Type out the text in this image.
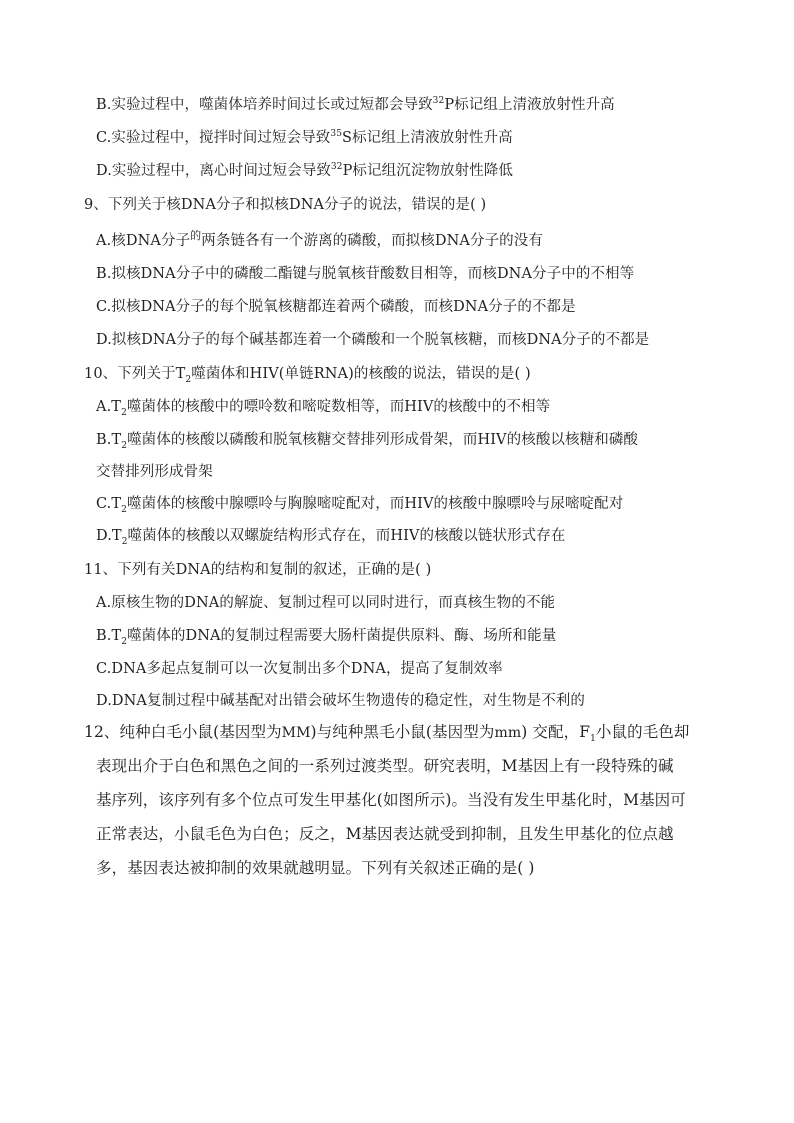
B.实验过程中，噬菌体培养时间过长或过短都会导致$^{32}$P标记组上清液放射性升高
C.实验过程中，搅拌时间过短会导致$^{35}$S标记组上清液放射性升高
D.实验过程中，离心时间过短会导致$^{32}$P标记组沉淀物放射性降低
9、下列关于核DNA分子和拟核DNA分子的说法，错误的是( )
A.核DNA分子$^的$两条链各有一个游离的磷酸，而拟核DNA分子的没有
B.拟核DNA分子中的磷酸二酯键与脱氧核苷酸数目相等，而核DNA分子中的不相等
C.拟核DNA分子的每个脱氧核糖都连着两个磷酸，而核DNA分子的不都是
D.拟核DNA分子的每个碱基都连着一个磷酸和一个脱氧核糖，而核DNA分子的不都是
10、下列关于$T_2$噬菌体和HIV(单链RNA)的核酸的说法，错误的是( )
$A.T_2$噬菌体的核酸中的嘌呤数和嘧啶数相等，而HIV的核酸中的不相等
$B.T_2$噬菌体的核酸以磷酸和脱氧核糖交替排列形成骨架，而HIV的核酸以核糖和磷酸
交替排列形成骨架
$C.T_2$噬菌体的核酸中腺嘌呤与胸腺嘧啶配对，而HIV的核酸中腺嘌呤与尿嘧啶配对
$D.T_2$噬菌体的核酸以双螺旋结构形式存在，而HIV的核酸以链状形式存在
11、下列有关DNA的结构和复制的叙述，正确的是( )
A.原核生物的DNA的解旋、复制过程可以同时进行，而真核生物的不能
$B.T_2$噬菌体的DNA的复制过程需要大肠杆菌提供原料、酶、场所和能量
C.DNA多起点复制可以一次复制出多个DNA，提高了复制效率
D.DNA复制过程中碱基配对出错会破坏生物遗传的稳定性，对生物是不利的
12、纯种白毛小鼠(基因型为MM)与纯种黑毛小鼠(基因型为mm) 交配，$F_1$小鼠的毛色却
表现出介于白色和黑色之间的一系列过渡类型。研究表明，M基因上有一段特殊的碱
基序列，该序列有多个位点可发生甲基化(如图所示)。当没有发生甲基化时，M基因可
正常表达，小鼠毛色为白色；反之，M基因表达就受到抑制，且发生甲基化的位点越
多，基因表达被抑制的效果就越明显。下列有关叙述正确的是( )
